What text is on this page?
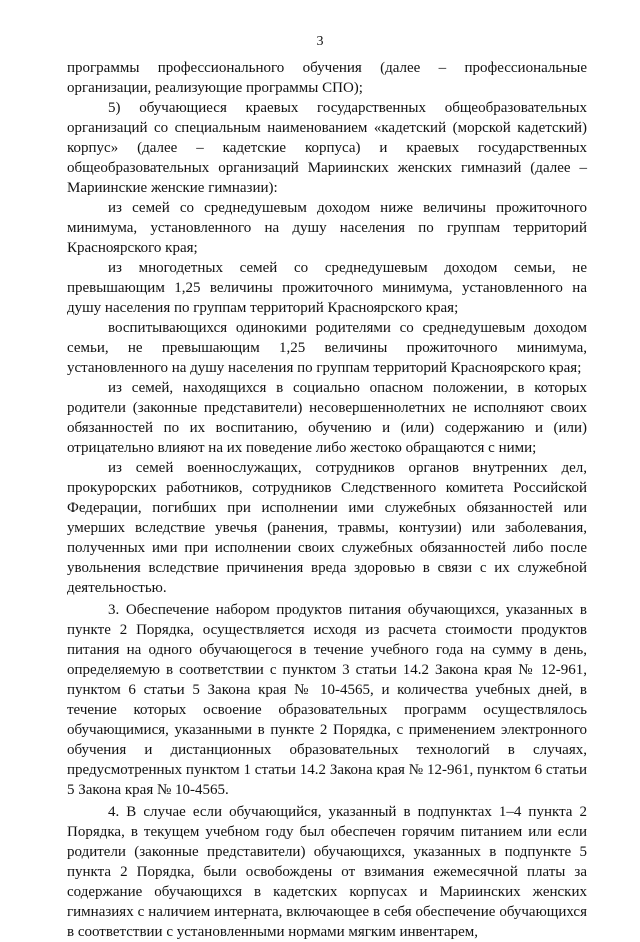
3

программы профессионального обучения (далее – профессиональные организации, реализующие программы СПО);

5) обучающиеся краевых государственных общеобразовательных организаций со специальным наименованием «кадетский (морской кадетский) корпус» (далее – кадетские корпуса) и краевых государственных общеобразовательных организаций Мариинских женских гимназий (далее – Мариинские женские гимназии):

из семей со среднедушевым доходом ниже величины прожиточного минимума, установленного на душу населения по группам территорий Красноярского края;

из многодетных семей со среднедушевым доходом семьи, не превышающим 1,25 величины прожиточного минимума, установленного на душу населения по группам территорий Красноярского края;

воспитывающихся одинокими родителями со среднедушевым доходом семьи, не превышающим 1,25 величины прожиточного минимума, установленного на душу населения по группам территорий Красноярского края;

из семей, находящихся в социально опасном положении, в которых родители (законные представители) несовершеннолетних не исполняют своих обязанностей по их воспитанию, обучению и (или) содержанию и (или) отрицательно влияют на их поведение либо жестоко обращаются с ними;

из семей военнослужащих, сотрудников органов внутренних дел, прокурорских работников, сотрудников Следственного комитета Российской Федерации, погибших при исполнении ими служебных обязанностей или умерших вследствие увечья (ранения, травмы, контузии) или заболевания, полученных ими при исполнении своих служебных обязанностей либо после увольнения вследствие причинения вреда здоровью в связи с их служебной деятельностью.

3. Обеспечение набором продуктов питания обучающихся, указанных в пункте 2 Порядка, осуществляется исходя из расчета стоимости продуктов питания на одного обучающегося в течение учебного года на сумму в день, определяемую в соответствии с пунктом 3 статьи 14.2 Закона края № 12-961, пунктом 6 статьи 5 Закона края № 10-4565, и количества учебных дней, в течение которых освоение образовательных программ осуществлялось обучающимися, указанными в пункте 2 Порядка, с применением электронного обучения и дистанционных образовательных технологий в случаях, предусмотренных пунктом 1 статьи 14.2 Закона края № 12-961, пунктом 6 статьи 5 Закона края № 10-4565.

4. В случае если обучающийся, указанный в подпунктах 1–4 пункта 2 Порядка, в текущем учебном году был обеспечен горячим питанием или если родители (законные представители) обучающихся, указанных в подпункте 5 пункта 2 Порядка, были освобождены от взимания ежемесячной платы за содержание обучающихся в кадетских корпусах и Мариинских женских гимназиях с наличием интерната, включающее в себя обеспечение обучающихся в соответствии с установленными нормами мягким инвентарем,
